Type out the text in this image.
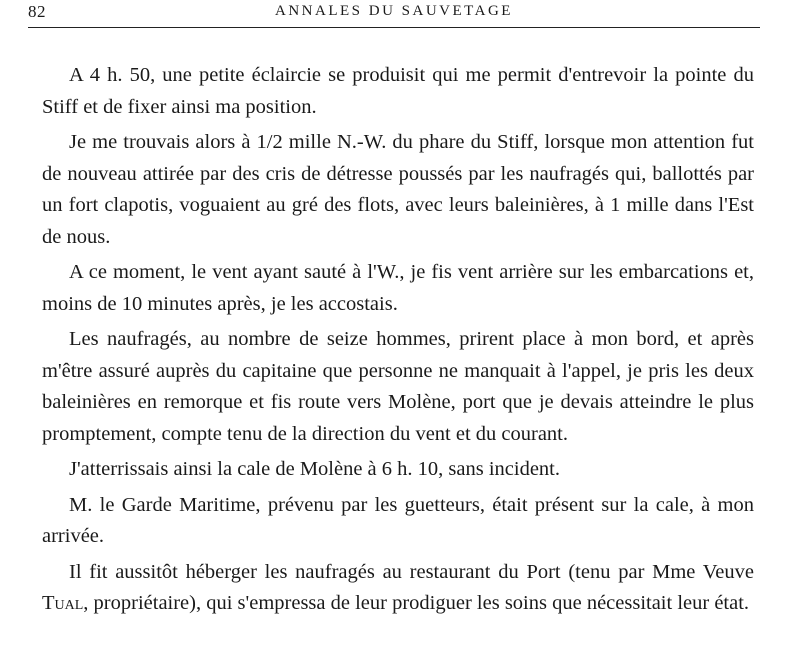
82	ANNALES DU SAUVETAGE

A 4 h. 50, une petite éclaircie se produisit qui me permit d'entrevoir la pointe du Stiff et de fixer ainsi ma position.

Je me trouvais alors à 1/2 mille N.-W. du phare du Stiff, lorsque mon attention fut de nouveau attirée par des cris de détresse poussés par les naufragés qui, ballottés par un fort clapotis, voguaient au gré des flots, avec leurs baleinières, à 1 mille dans l'Est de nous.

A ce moment, le vent ayant sauté à l'W., je fis vent arrière sur les embarcations et, moins de 10 minutes après, je les accostais.

Les naufragés, au nombre de seize hommes, prirent place à mon bord, et après m'être assuré auprès du capitaine que personne ne manquait à l'appel, je pris les deux baleinières en remorque et fis route vers Molène, port que je devais atteindre le plus promptement, compte tenu de la direction du vent et du courant.

J'atterrissais ainsi la cale de Molène à 6 h. 10, sans incident.

M. le Garde Maritime, prévenu par les guetteurs, était présent sur la cale, à mon arrivée.

Il fit aussitôt héberger les naufragés au restaurant du Port (tenu par Mme Veuve Tual, propriétaire), qui s'empressa de leur prodiguer les soins que nécessitait leur état.
